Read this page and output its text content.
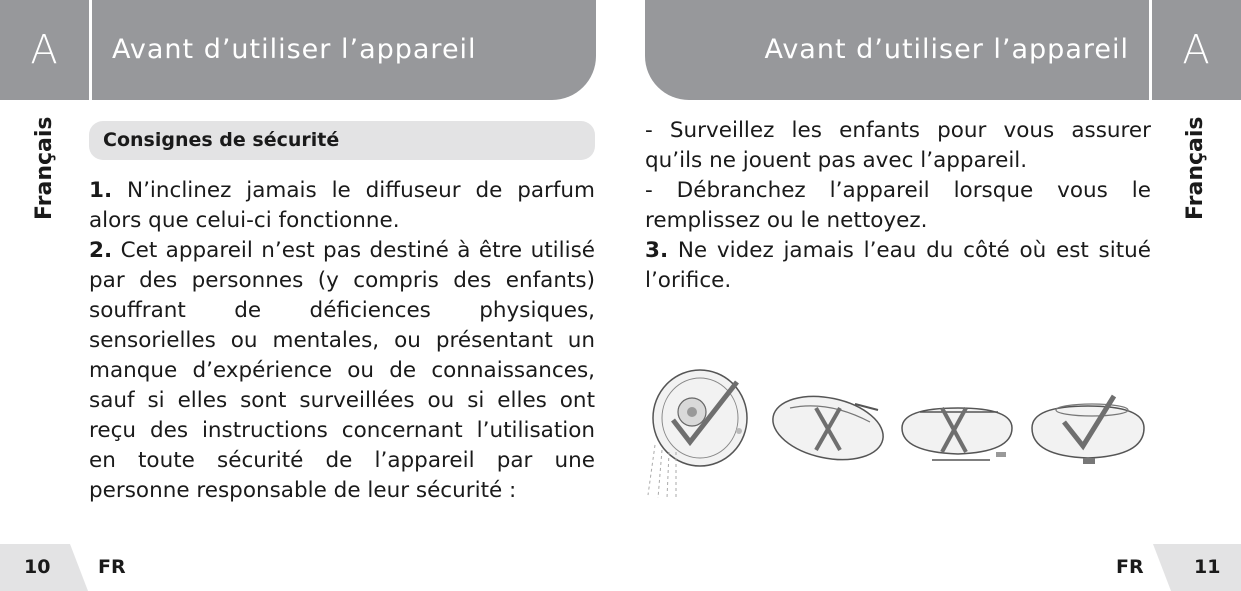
A	Avant d’utiliser l’appareil
Français Consignes de sécurité

1. N’inclinez jamais le diffuseur de parfum alors que celui-ci fonctionne.

2. Cet appareil n’est pas destiné à être utilisé par des personnes (y compris des enfants) souffrant de déficiences physiques, sensorielles ou mentales, ou présentant un manque d’expérience ou de connaissances, sauf si elles sont surveillées ou si elles ont reçu des instructions concernant l’utilisation en toute sécurité de l’appareil par une personne responsable de leur sécurité :

10	FR
A
Avant d’utiliser l’appareil
Français

- Surveillez les enfants pour vous assurer qu’ils ne jouent pas avec l’appareil.

- Débranchez l’appareil lorsque vous le remplissez ou le nettoyez.

3. Ne videz jamais l’eau du côté où est situé l’orifice.

FR	11
